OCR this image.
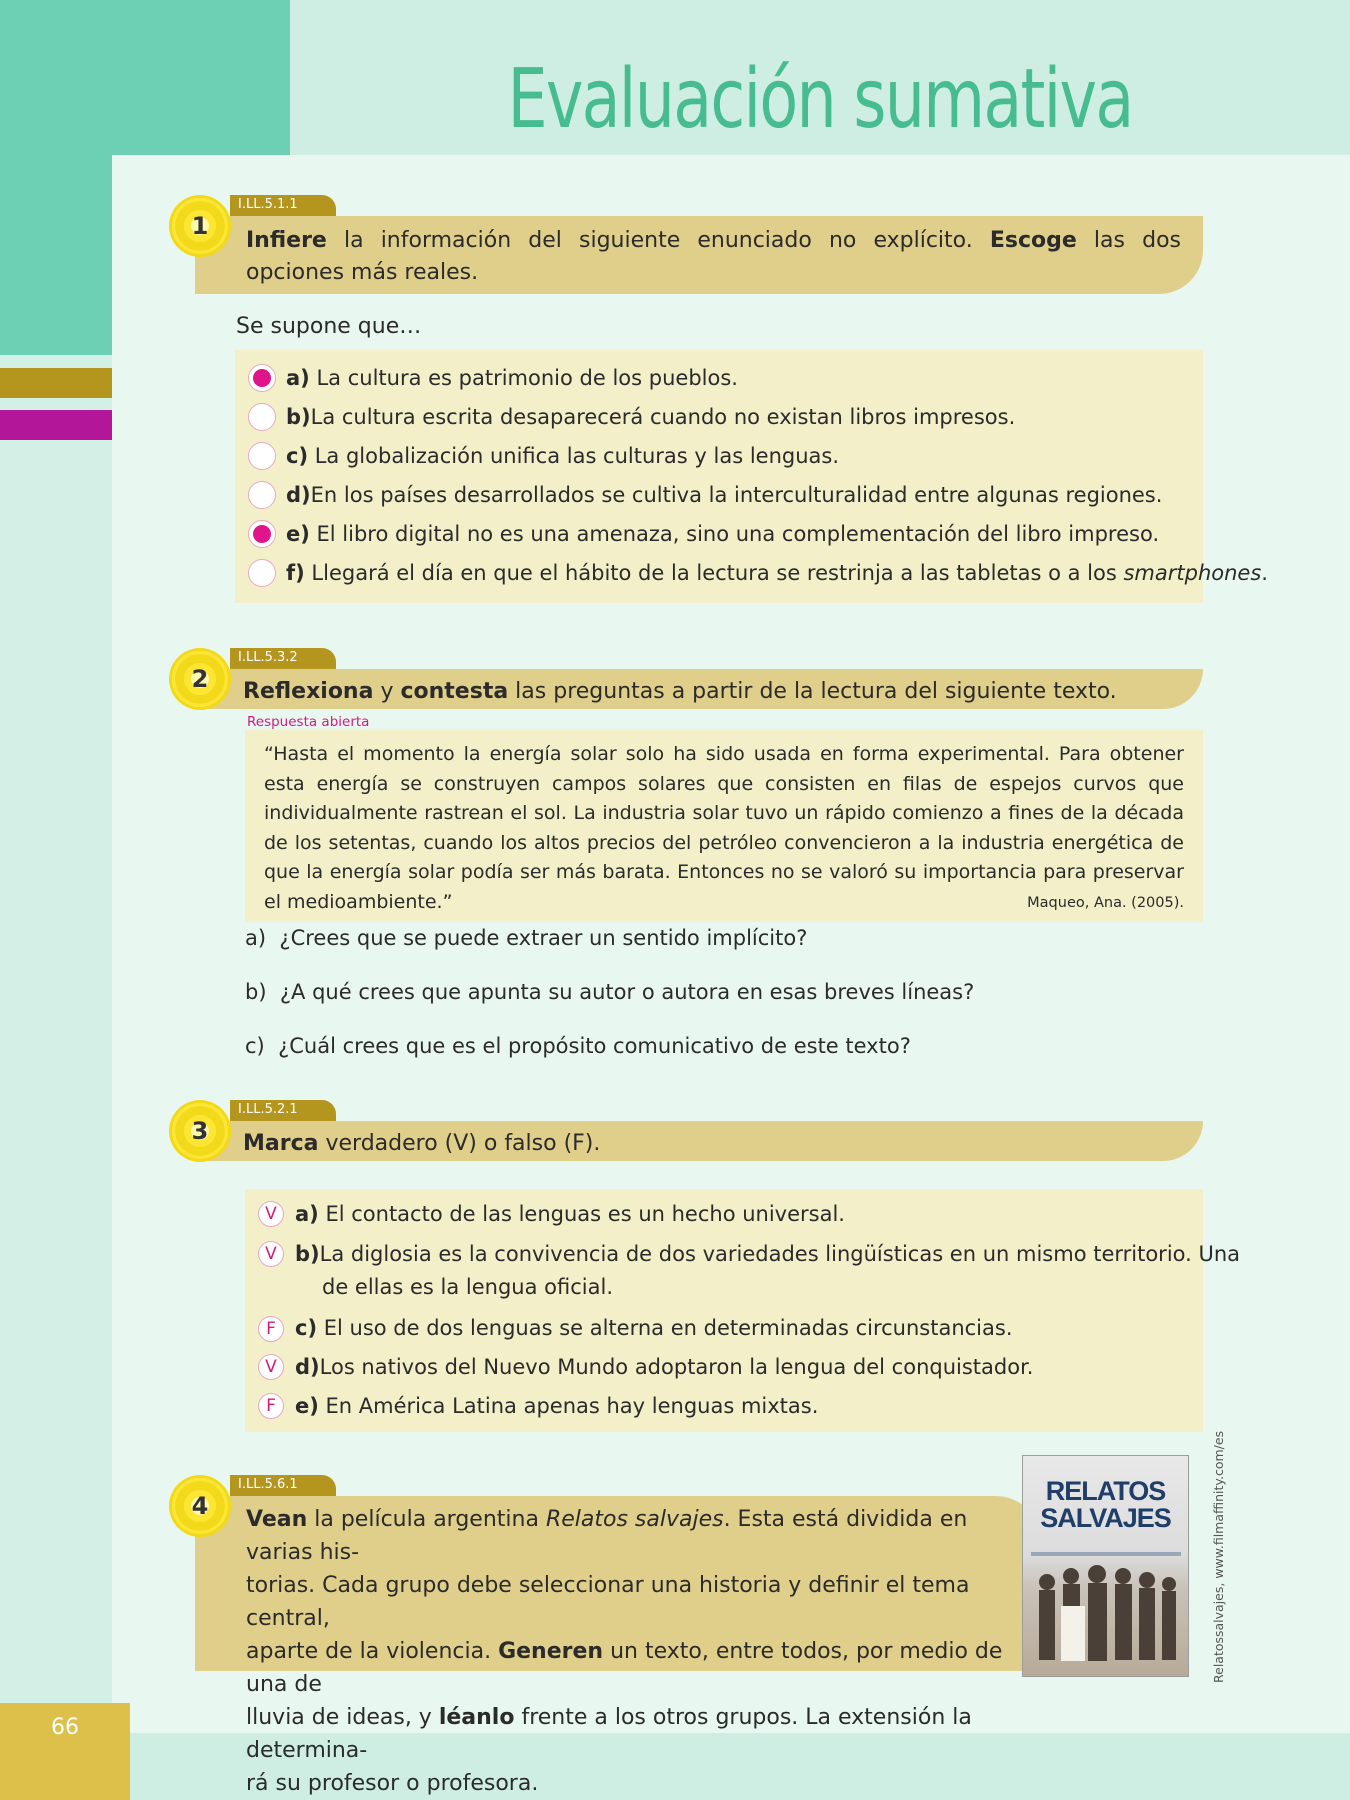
66
Evaluación sumativa
I.LL.5.1.1
1
Infiere la información del siguiente enunciado no explícito. Escoge las dos opciones más reales.
Se supone que…
a) La cultura es patrimonio de los pueblos.
b)La cultura escrita desaparecerá cuando no existan libros impresos.
c) La globalización unifica las culturas y las lenguas.
d)En los países desarrollados se cultiva la interculturalidad entre algunas regiones.
e) El libro digital no es una amenaza, sino una complementación del libro impreso.
f) Llegará el día en que el hábito de la lectura se restrinja a las tabletas o a los smartphones.
I.LL.5.3.2
2	Reflexiona y contesta las preguntas a partir de la lectura del siguiente texto.
Respuesta abierta
“Hasta el momento la energía solar solo ha sido usada en forma experimental. Para obtener esta energía se construyen campos solares que consisten en filas de espejos curvos que individualmente rastrean el sol. La industria solar tuvo un rápido comienzo a fines de la década de los setentas, cuando los altos precios del petróleo convencieron a la industria energética de que la energía solar podía ser más barata. Entonces no se valoró su importancia para preservar el medioambiente.”	Maqueo, Ana. (2005).
a) ¿Crees que se puede extraer un sentido implícito?
b) ¿A qué crees que apunta su autor o autora en esas breves líneas?
c) ¿Cuál crees que es el propósito comunicativo de este texto?
I.LL.5.2.1
3	Marca verdadero (V) o falso (F).
V a) El contacto de las lenguas es un hecho universal.
V b)La diglosia es la convivencia de dos variedades lingüísticas en un mismo territorio. Una
de ellas es la lengua oficial.
F c) El uso de dos lenguas se alterna en determinadas circunstancias.
V d)Los nativos del Nuevo Mundo adoptaron la lengua del conquistador.
F e) En América Latina apenas hay lenguas mixtas.
I.LL.5.6.1
4	Vean la película argentina Relatos salvajes. Esta está dividida en varias his-
torias. Cada grupo debe seleccionar una historia y definir el tema central,
aparte de la violencia. Generen un texto, entre todos, por medio de una de
lluvia de ideas, y léanlo frente a los otros grupos. La extensión la determina-
rá su profesor o profesora.
RELATOS
SALVAJES	Relatossalvajes, www.filmaffinity.com/es
